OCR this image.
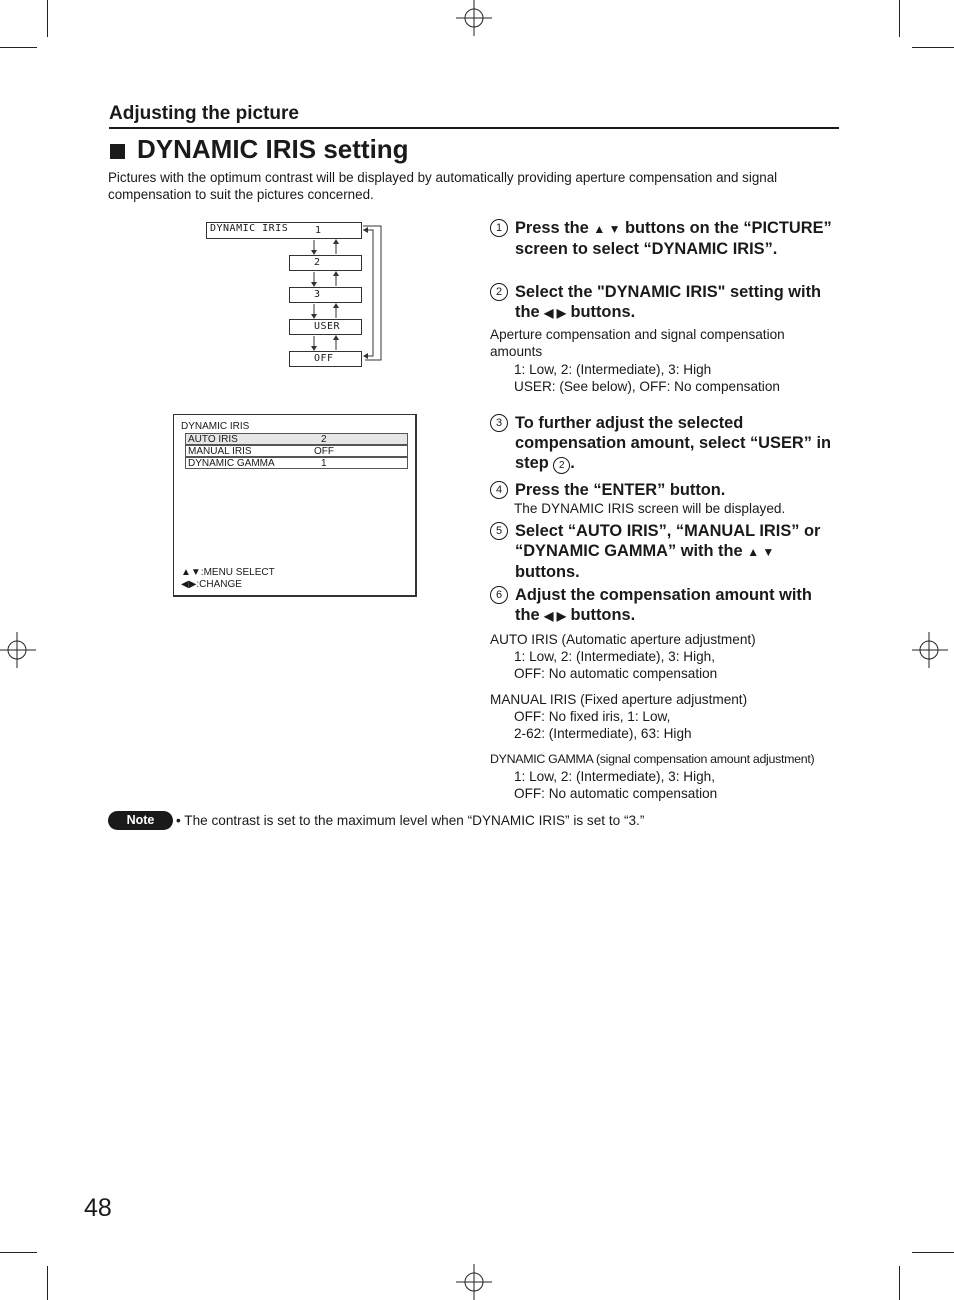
Adjusting the picture
DYNAMIC IRIS setting
Pictures with the optimum contrast will be displayed by automatically providing aperture compensation and signal compensation to suit the pictures concerned.
DYNAMIC IRIS	1
2
3
USER
OFF
DYNAMIC IRIS
AUTO IRIS	2
MANUAL IRIS	OFF
DYNAMIC GAMMA	1
▲▼:MENU SELECT
◀▶:CHANGE
1 Press the ▲ ▼ buttons on the “PICTURE” screen to select “DYNAMIC IRIS”.
2 Select the "DYNAMIC IRIS" setting with the ◀ ▶ buttons.
Aperture compensation and signal compensation amounts
1: Low, 2: (Intermediate), 3: High
USER: (See below), OFF: No compensation
3 To further adjust the selected compensation amount, select “USER” in step 2 .
4 Press the “ENTER” button.
The DYNAMIC IRIS screen will be displayed.
5 Select “AUTO IRIS”, “MANUAL IRIS” or “DYNAMIC GAMMA” with the ▲ ▼ buttons.
6 Adjust the compensation amount with the ◀ ▶ buttons.
AUTO IRIS (Automatic aperture adjustment)
1: Low, 2: (Intermediate), 3: High,
OFF: No automatic compensation
MANUAL IRIS (Fixed aperture adjustment)
OFF: No fixed iris, 1: Low,
2-62: (Intermediate), 63: High
DYNAMIC GAMMA (signal compensation amount adjustment)
1: Low, 2: (Intermediate), 3: High,
OFF: No automatic compensation
Note	• The contrast is set to the maximum level when “DYNAMIC IRIS” is set to “3.”
48
